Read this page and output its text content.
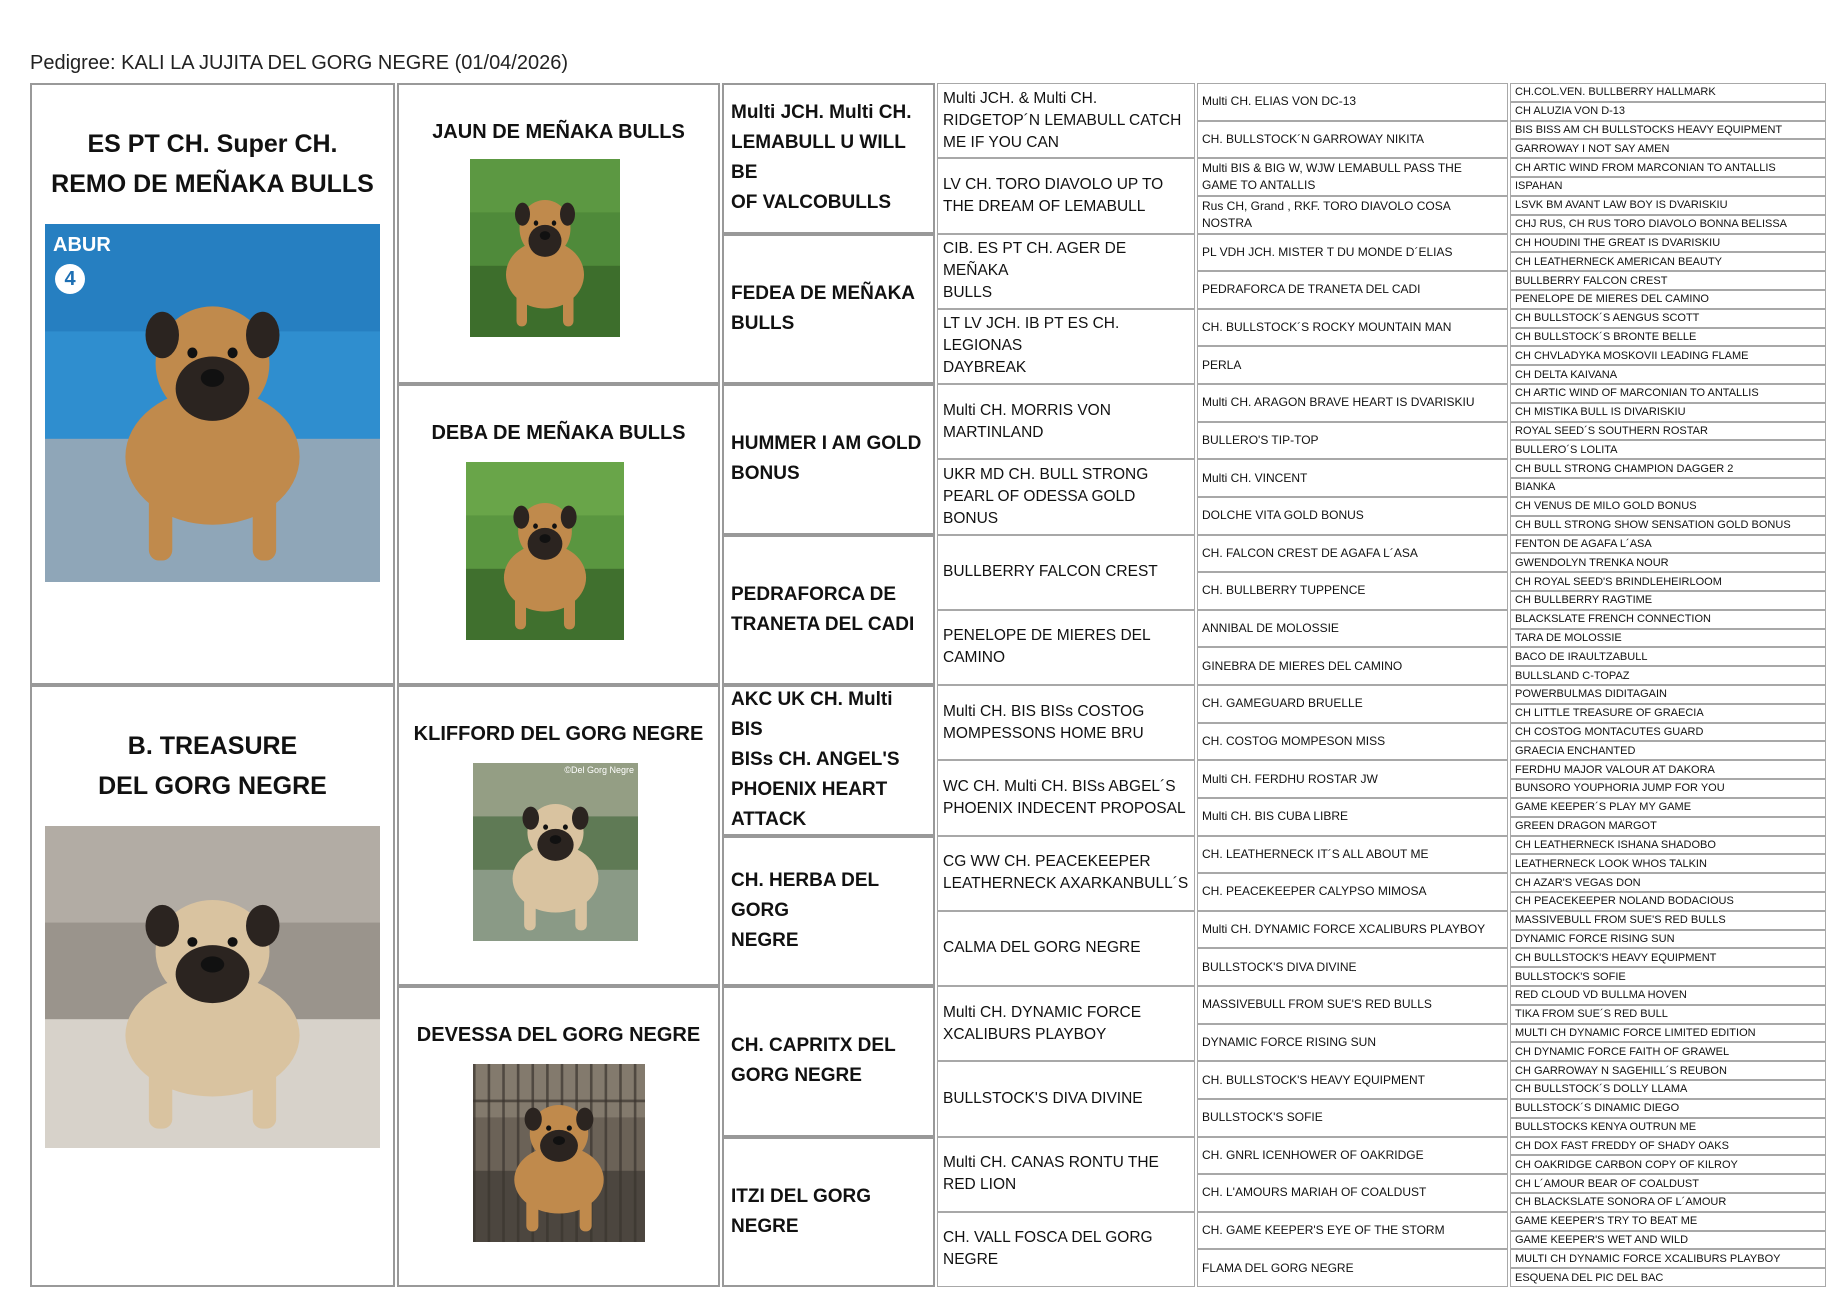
Pedigree: KALI LA JUJITA DEL GORG NEGRE (01/04/2026)
ES PT CH. Super CH.
REMO DE MEÑAKA BULLS
ABUR
4
B. TREASURE
DEL GORG NEGRE
JAUN DE MEÑAKA BULLS
DEBA DE MEÑAKA BULLS
KLIFFORD DEL GORG NEGRE
©Del Gorg Negre
DEVESSA DEL GORG NEGRE
Multi JCH. Multi CH.
LEMABULL U WILL BE
OF VALCOBULLS
FEDEA DE MEÑAKA
BULLS
HUMMER I AM GOLD
BONUS
PEDRAFORCA DE
TRANETA DEL CADI
AKC UK CH. Multi BIS
BISs CH. ANGEL'S
PHOENIX HEART
ATTACK
CH. HERBA DEL GORG
NEGRE
CH. CAPRITX DEL
GORG NEGRE
ITZI DEL GORG
NEGRE
Multi JCH. & Multi CH.
RIDGETOP´N LEMABULL CATCH
ME IF YOU CAN
LV CH. TORO DIAVOLO UP TO
THE DREAM OF LEMABULL
CIB. ES PT CH. AGER DE MEÑAKA
BULLS
LT LV JCH. IB PT ES CH. LEGIONAS
DAYBREAK
Multi CH. MORRIS VON
MARTINLAND
UKR MD CH. BULL STRONG
PEARL OF ODESSA GOLD BONUS
BULLBERRY FALCON CREST
PENELOPE DE MIERES DEL
CAMINO
Multi CH. BIS BISs COSTOG
MOMPESSONS HOME BRU
WC CH. Multi CH. BISs ABGEL´S
PHOENIX INDECENT PROPOSAL
CG WW CH. PEACEKEEPER
LEATHERNECK AXARKANBULL´S
CALMA DEL GORG NEGRE
Multi CH. DYNAMIC FORCE
XCALIBURS PLAYBOY
BULLSTOCK'S DIVA DIVINE
Multi CH. CANAS RONTU THE
RED LION
CH. VALL FOSCA DEL GORG
NEGRE
Multi CH. ELIAS VON DC-13
CH. BULLSTOCK´N GARROWAY NIKITA
Multi BIS & BIG W, WJW LEMABULL PASS THE
GAME TO ANTALLIS
Rus CH, Grand , RKF. TORO DIAVOLO COSA
NOSTRA
PL VDH JCH. MISTER T DU MONDE D´ELIAS
PEDRAFORCA DE TRANETA DEL CADI
CH. BULLSTOCK´S ROCKY MOUNTAIN MAN
PERLA
Multi CH. ARAGON BRAVE HEART IS DVARISKIU
BULLERO'S TIP-TOP
Multi CH. VINCENT
DOLCHE VITA GOLD BONUS
CH. FALCON CREST DE AGAFA L´ASA
CH. BULLBERRY TUPPENCE
ANNIBAL DE MOLOSSIE
GINEBRA DE MIERES DEL CAMINO
CH. GAMEGUARD BRUELLE
CH. COSTOG MOMPESON MISS
Multi CH. FERDHU ROSTAR JW
Multi CH. BIS CUBA LIBRE
CH. LEATHERNECK IT´S ALL ABOUT ME
CH. PEACEKEEPER CALYPSO MIMOSA
Multi CH. DYNAMIC FORCE XCALIBURS PLAYBOY
BULLSTOCK'S DIVA DIVINE
MASSIVEBULL FROM SUE'S RED BULLS
DYNAMIC FORCE RISING SUN
CH. BULLSTOCK'S HEAVY EQUIPMENT
BULLSTOCK'S SOFIE
CH. GNRL ICENHOWER OF OAKRIDGE
CH. L'AMOURS MARIAH OF COALDUST
CH. GAME KEEPER'S EYE OF THE STORM
FLAMA DEL GORG NEGRE
CH.COL.VEN. BULLBERRY HALLMARK
CH ALUZIA VON D-13
BIS BISS AM CH BULLSTOCKS HEAVY EQUIPMENT
GARROWAY I NOT SAY AMEN
CH ARTIC WIND FROM MARCONIAN TO ANTALLIS
ISPAHAN
LSVK BM AVANT LAW BOY IS DVARISKIU
CHJ RUS, CH RUS TORO DIAVOLO BONNA BELISSA
CH HOUDINI THE GREAT IS DVARISKIU
CH LEATHERNECK AMERICAN BEAUTY
BULLBERRY FALCON CREST
PENELOPE DE MIERES DEL CAMINO
CH BULLSTOCK´S AENGUS SCOTT
CH BULLSTOCK´S BRONTE BELLE
CH CHVLADYKA MOSKOVII LEADING FLAME
CH DELTA KAIVANA
CH ARTIC WIND OF MARCONIAN TO ANTALLIS
CH MISTIKA BULL IS DIVARISKIU
ROYAL SEED´S SOUTHERN ROSTAR
BULLERO´S LOLITA
CH BULL STRONG CHAMPION DAGGER 2
BIANKA
CH VENUS DE MILO GOLD BONUS
CH BULL STRONG SHOW SENSATION GOLD BONUS
FENTON DE AGAFA L´ASA
GWENDOLYN TRENKA NOUR
CH ROYAL SEED'S BRINDLEHEIRLOOM
CH BULLBERRY RAGTIME
BLACKSLATE FRENCH CONNECTION
TARA DE MOLOSSIE
BACO DE IRAULTZABULL
BULLSLAND C-TOPAZ
POWERBULMAS DIDITAGAIN
CH LITTLE TREASURE OF GRAECIA
CH COSTOG MONTACUTES GUARD
GRAECIA ENCHANTED
FERDHU MAJOR VALOUR AT DAKORA
BUNSORO YOUPHORIA JUMP FOR YOU
GAME KEEPER´S PLAY MY GAME
GREEN DRAGON MARGOT
CH LEATHERNECK ISHANA SHADOBO
LEATHERNECK LOOK WHOS TALKIN
CH AZAR'S VEGAS DON
CH PEACEKEEPER NOLAND BODACIOUS
MASSIVEBULL FROM SUE'S RED BULLS
DYNAMIC FORCE RISING SUN
CH BULLSTOCK'S HEAVY EQUIPMENT
BULLSTOCK'S SOFIE
RED CLOUD VD BULLMA HOVEN
TIKA FROM SUE´S RED BULL
MULTI CH DYNAMIC FORCE LIMITED EDITION
CH DYNAMIC FORCE FAITH OF GRAWEL
CH GARROWAY N SAGEHILL´S REUBON
CH BULLSTOCK´S DOLLY LLAMA
BULLSTOCK´S DINAMIC DIEGO
BULLSTOCKS KENYA OUTRUN ME
CH DOX FAST FREDDY OF SHADY OAKS
CH OAKRIDGE CARBON COPY OF KILROY
CH L´AMOUR BEAR OF COALDUST
CH BLACKSLATE SONORA OF L´AMOUR
GAME KEEPER'S TRY TO BEAT ME
GAME KEEPER'S WET AND WILD
MULTI CH DYNAMIC FORCE XCALIBURS PLAYBOY
ESQUENA DEL PIC DEL BAC
